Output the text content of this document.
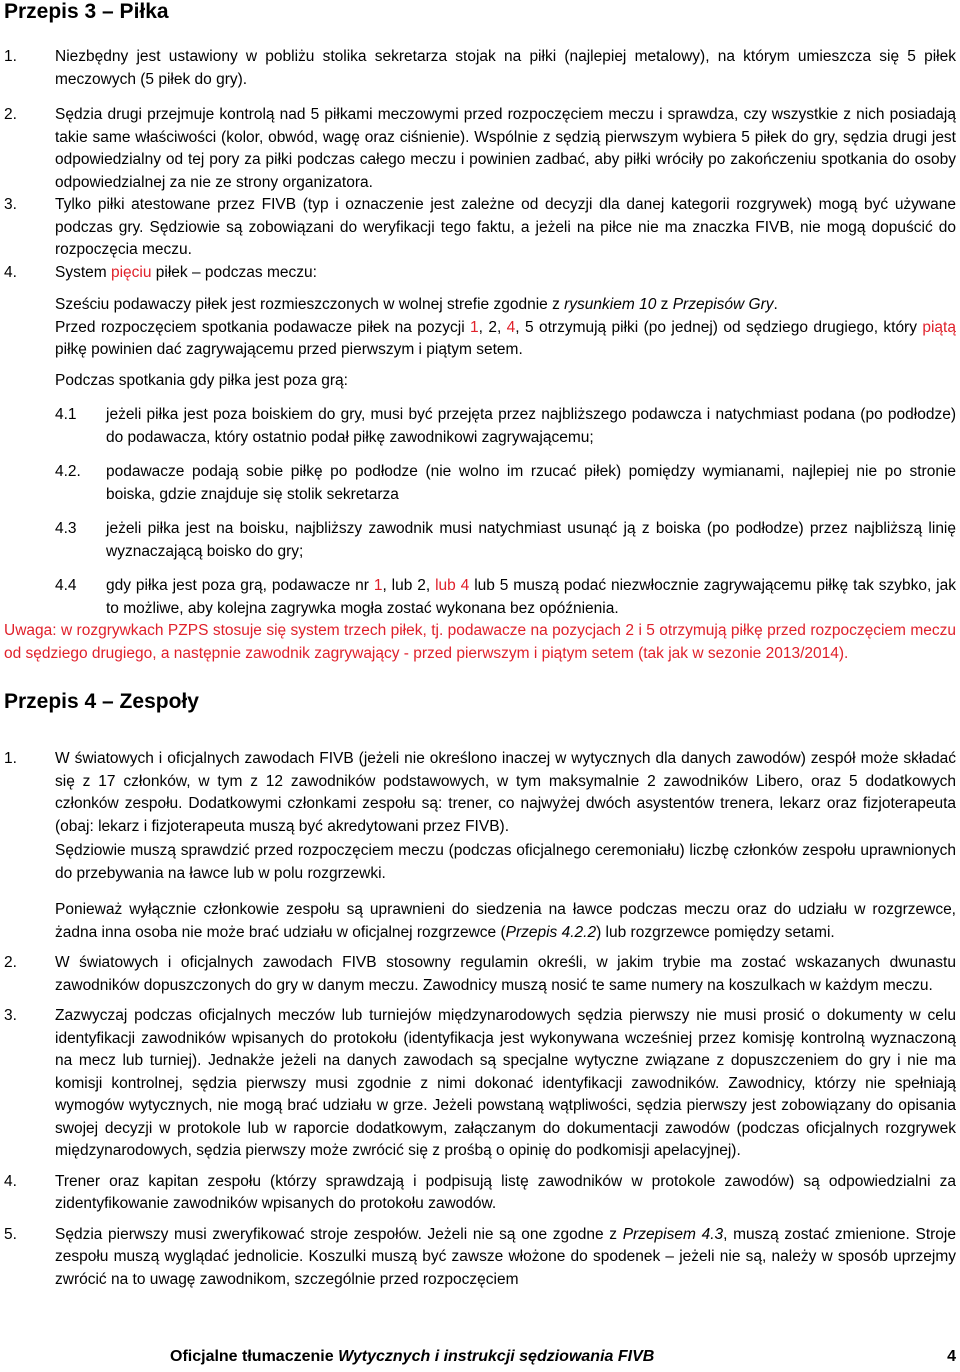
Przepis 3 – Piłka
1. Niezbędny jest ustawiony w pobliżu stolika sekretarza stojak na piłki (najlepiej metalowy), na którym umieszcza się 5 piłek meczowych (5 piłek do gry).
2. Sędzia drugi przejmuje kontrolą nad 5 piłkami meczowymi przed rozpoczęciem meczu i sprawdza, czy wszystkie z nich posiadają takie same właściwości (kolor, obwód, wagę oraz ciśnienie). Wspólnie z sędzią pierwszym wybiera 5 piłek do gry, sędzia drugi jest odpowiedzialny od tej pory za piłki podczas całego meczu i powinien zadbać, aby piłki wróciły po zakończeniu spotkania do osoby odpowiedzialnej za nie ze strony organizatora.
3. Tylko piłki atestowane przez FIVB (typ i oznaczenie jest zależne od decyzji dla danej kategorii rozgrywek) mogą być używane podczas gry. Sędziowie są zobowiązani do weryfikacji tego faktu, a jeżeli na piłce nie ma znaczka FIVB, nie mogą dopuścić do rozpoczęcia meczu.
4. System pięciu piłek – podczas meczu:
Sześciu podawaczy piłek jest rozmieszczonych w wolnej strefie zgodnie z rysunkiem 10 z Przepisów Gry.
Przed rozpoczęciem spotkania podawacze piłek na pozycji 1, 2, 4, 5 otrzymują piłki (po jednej) od sędziego drugiego, który piątą piłkę powinien dać zagrywającemu przed pierwszym i piątym setem.
Podczas spotkania gdy piłka jest poza grą:
4.1 jeżeli piłka jest poza boiskiem do gry, musi być przejęta przez najbliższego podawcza i natychmiast podana (po podłodze) do podawacza, który ostatnio podał piłkę zawodnikowi zagrywającemu;
4.2. podawacze podają sobie piłkę po podłodze (nie wolno im rzucać piłek) pomiędzy wymianami, najlepiej nie po stronie boiska, gdzie znajduje się stolik sekretarza
4.3 jeżeli piłka jest na boisku, najbliższy zawodnik musi natychmiast usunąć ją z boiska (po podłodze) przez najbliższą linię wyznaczającą boisko do gry;
4.4 gdy piłka jest poza grą, podawacze nr 1, lub 2, lub 4 lub 5 muszą podać niezwłocznie zagrywającemu piłkę tak szybko, jak to możliwe, aby kolejna zagrywka mogła zostać wykonana bez opóźnienia.
Uwaga: w rozgrywkach PZPS stosuje się system trzech piłek, tj. podawacze na pozycjach 2 i 5 otrzymują piłkę przed rozpoczęciem meczu od sędziego drugiego, a następnie zawodnik zagrywający - przed pierwszym i piątym setem (tak jak w sezonie 2013/2014).
Przepis 4 – Zespoły
1. W światowych i oficjalnych zawodach FIVB (jeżeli nie określono inaczej w wytycznych dla danych zawodów) zespół może składać się z 17 członków, w tym z 12 zawodników podstawowych, w tym maksymalnie 2 zawodników Libero, oraz 5 dodatkowych członków zespołu. Dodatkowymi członkami zespołu są: trener, co najwyżej dwóch asystentów trenera, lekarz oraz fizjoterapeuta (obaj: lekarz i fizjoterapeuta muszą być akredytowani przez FIVB).
Sędziowie muszą sprawdzić przed rozpoczęciem meczu (podczas oficjalnego ceremoniału) liczbę członków zespołu uprawnionych do przebywania na ławce lub w polu rozgrzewki.
Ponieważ wyłącznie członkowie zespołu są uprawnieni do siedzenia na ławce podczas meczu oraz do udziału w rozgrzewce, żadna inna osoba nie może brać udziału w oficjalnej rozgrzewce (Przepis 4.2.2) lub rozgrzewce pomiędzy setami.
2. W światowych i oficjalnych zawodach FIVB stosowny regulamin określi, w jakim trybie ma zostać wskazanych dwunastu zawodników dopuszczonych do gry w danym meczu. Zawodnicy muszą nosić te same numery na koszulkach w każdym meczu.
3. Zazwyczaj podczas oficjalnych meczów lub turniejów międzynarodowych sędzia pierwszy nie musi prosić o dokumenty w celu identyfikacji zawodników wpisanych do protokołu (identyfikacja jest wykonywana wcześniej przez komisję kontrolną wyznaczoną na mecz lub turniej). Jednakże jeżeli na danych zawodach są specjalne wytyczne związane z dopuszczeniem do gry i nie ma komisji kontrolnej, sędzia pierwszy musi zgodnie z nimi dokonać identyfikacji zawodników. Zawodnicy, którzy nie spełniają wymogów wytycznych, nie mogą brać udziału w grze. Jeżeli powstaną wątpliwości, sędzia pierwszy jest zobowiązany do opisania swojej decyzji w protokole lub w raporcie dodatkowym, załączanym do dokumentacji zawodów (podczas oficjalnych rozgrywek międzynarodowych, sędzia pierwszy może zwrócić się z prośbą o opinię do podkomisji apelacyjnej).
4. Trener oraz kapitan zespołu (którzy sprawdzają i podpisują listę zawodników w protokole zawodów) są odpowiedzialni za zidentyfikowanie zawodników wpisanych do protokołu zawodów.
5. Sędzia pierwszy musi zweryfikować stroje zespołów. Jeżeli nie są one zgodne z Przepisem 4.3, muszą zostać zmienione. Stroje zespołu muszą wyglądać jednolicie. Koszulki muszą być zawsze włożone do spodenek – jeżeli nie są, należy w sposób uprzejmy zwrócić na to uwagę zawodnikom, szczególnie przed rozpoczęciem
Oficjalne tłumaczenie Wytycznych i instrukcji sędziowania FIVB	4
